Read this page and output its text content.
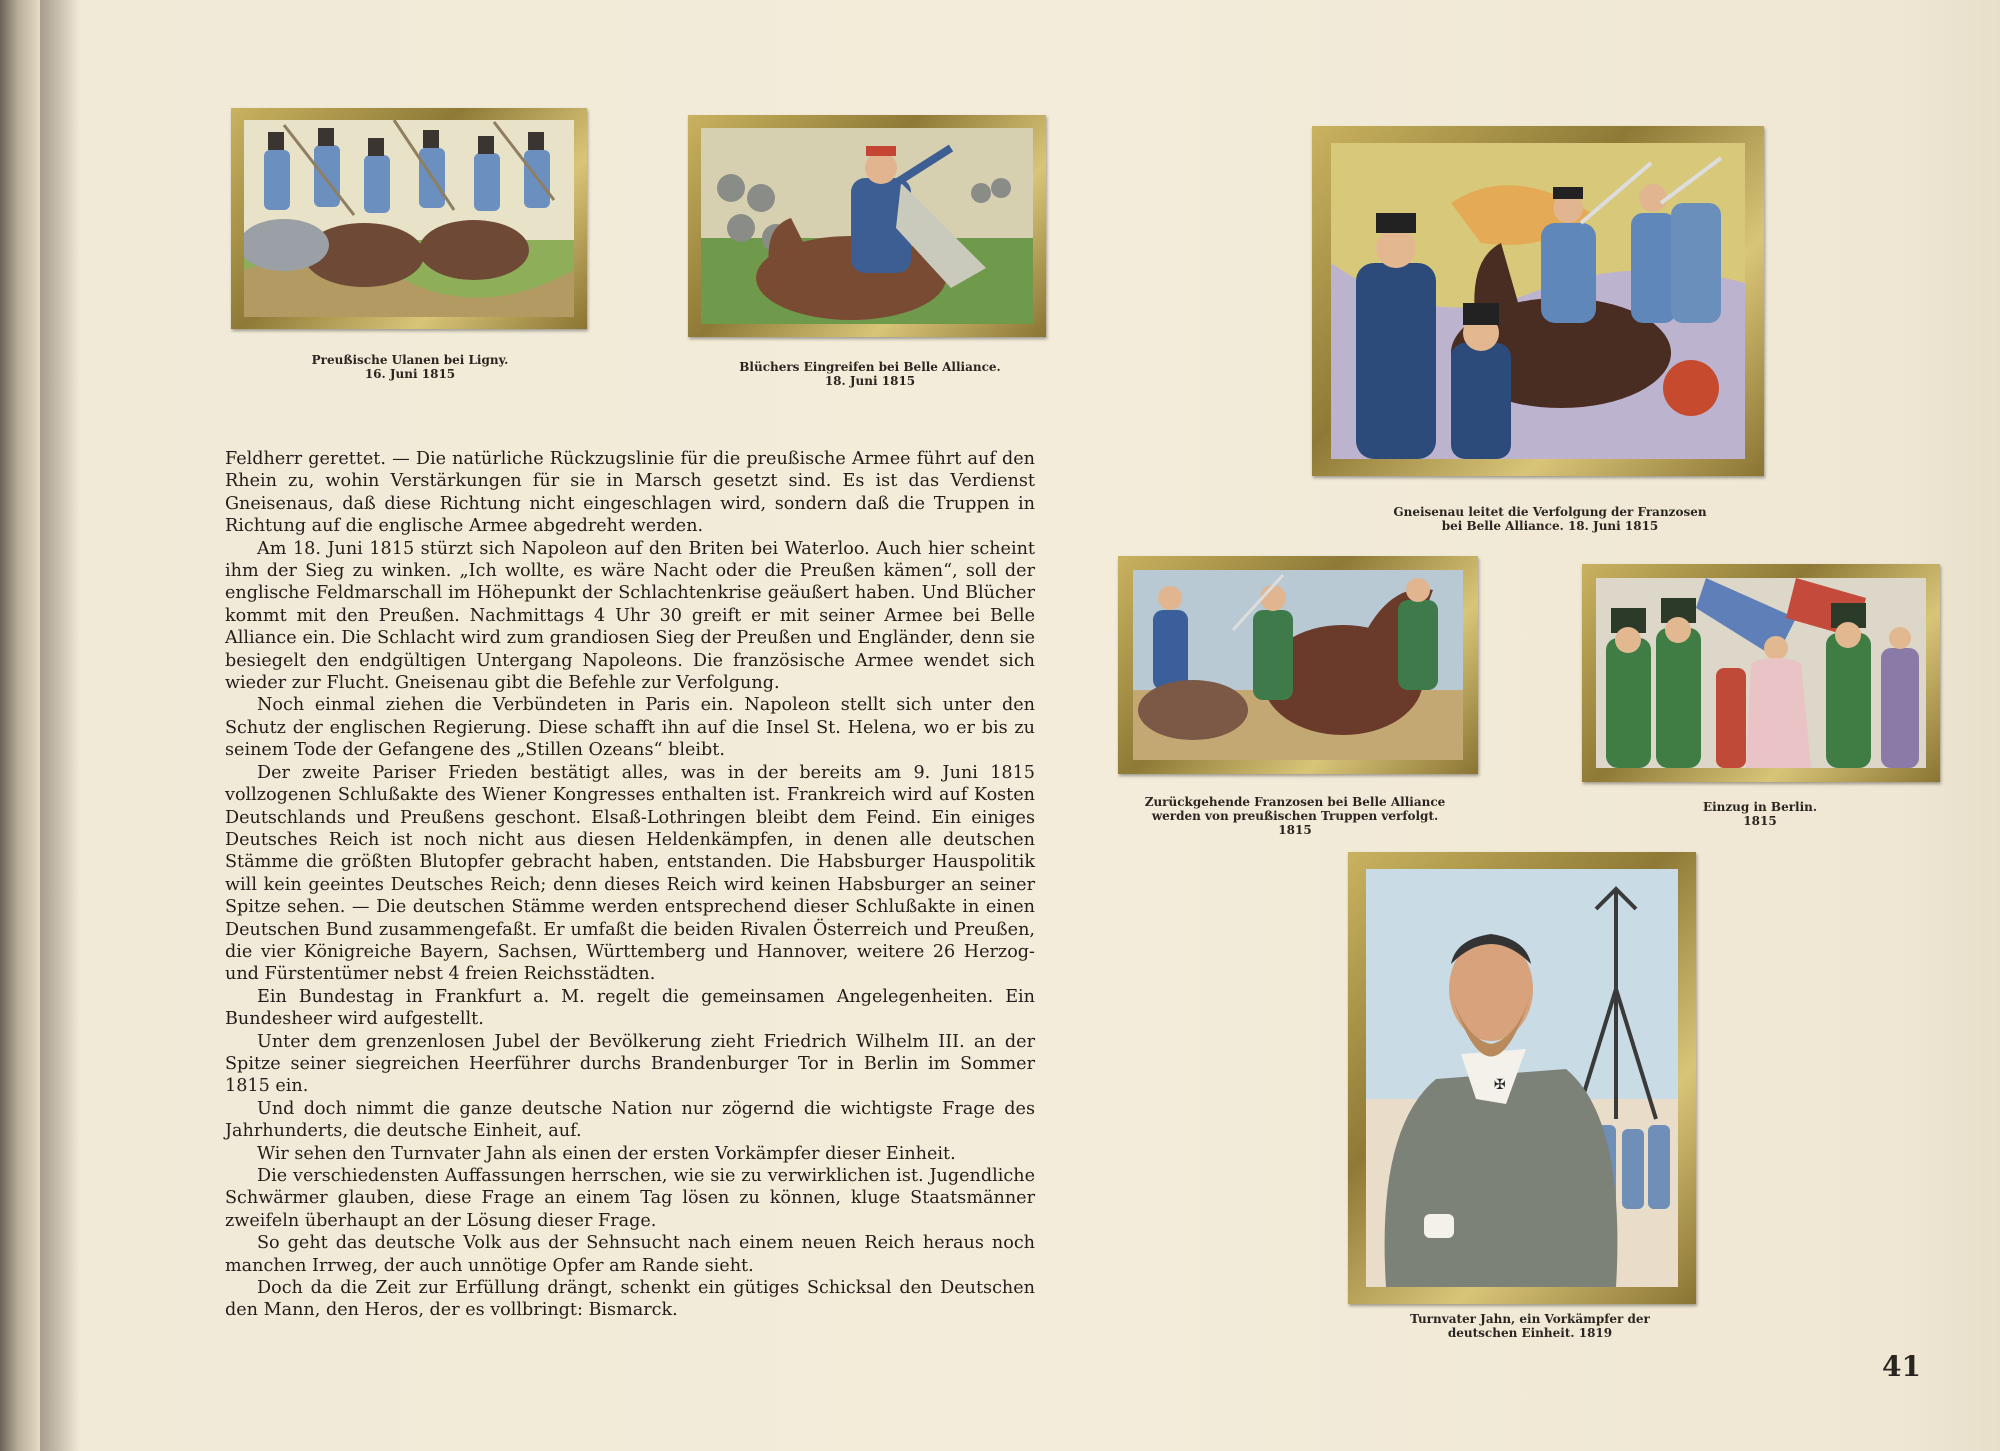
Preußische Ulanen bei Ligny.
16. Juni 1815	Blüchers Eingreifen bei Belle Alliance.
18. Juni 1815
Gneisenau leitet die Verfolgung der Franzosen
bei Belle Alliance. 18. Juni 1815
Zurückgehende Franzosen bei Belle Alliance
werden von preußischen Truppen verfolgt.
1815
Einzug in Berlin.
1815
✠
Turnvater Jahn, ein Vorkämpfer der
deutschen Einheit. 1819

Feldherr gerettet. — Die natürliche Rückzugslinie für die preußische Armee führt auf den Rhein zu, wohin Verstärkungen für sie in Marsch gesetzt sind. Es ist das Verdienst Gneisenaus, daß diese Richtung nicht eingeschlagen wird, sondern daß die Truppen in Richtung auf die englische Armee abgedreht werden.

Am 18. Juni 1815 stürzt sich Napoleon auf den Briten bei Waterloo. Auch hier scheint ihm der Sieg zu winken. „Ich wollte, es wäre Nacht oder die Preußen kämen“, soll der englische Feldmarschall im Höhepunkt der Schlachtenkrise geäußert haben. Und Blücher kommt mit den Preußen. Nachmittags 4 Uhr 30 greift er mit seiner Armee bei Belle Alliance ein. Die Schlacht wird zum grandiosen Sieg der Preußen und Engländer, denn sie besiegelt den endgültigen Untergang Napoleons. Die französische Armee wendet sich wieder zur Flucht. Gneisenau gibt die Befehle zur Verfolgung.

Noch einmal ziehen die Verbündeten in Paris ein. Napoleon stellt sich unter den Schutz der englischen Regierung. Diese schafft ihn auf die Insel St. Helena, wo er bis zu seinem Tode der Gefangene des „Stillen Ozeans“ bleibt.

Der zweite Pariser Frieden bestätigt alles, was in der bereits am 9. Juni 1815 vollzogenen Schlußakte des Wiener Kongresses enthalten ist. Frankreich wird auf Kosten Deutschlands und Preußens geschont. Elsaß-Lothringen bleibt dem Feind. Ein einiges Deutsches Reich ist noch nicht aus diesen Heldenkämpfen, in denen alle deutschen Stämme die größten Blutopfer gebracht haben, entstanden. Die Habsburger Hauspolitik will kein geeintes Deutsches Reich; denn dieses Reich wird keinen Habsburger an seiner Spitze sehen. — Die deutschen Stämme werden entsprechend dieser Schlußakte in einen Deutschen Bund zusammengefaßt. Er umfaßt die beiden Rivalen Österreich und Preußen, die vier Königreiche Bayern, Sachsen, Württemberg und Hannover, weitere 26 Herzog- und Fürstentümer nebst 4 freien Reichsstädten.

Ein Bundestag in Frankfurt a. M. regelt die gemeinsamen Angelegenheiten. Ein Bundesheer wird aufgestellt.

Unter dem grenzenlosen Jubel der Bevölkerung zieht Friedrich Wilhelm III. an der Spitze seiner siegreichen Heerführer durchs Brandenburger Tor in Berlin im Sommer 1815 ein.

Und doch nimmt die ganze deutsche Nation nur zögernd die wichtigste Frage des Jahrhunderts, die deutsche Einheit, auf.

Wir sehen den Turnvater Jahn als einen der ersten Vorkämpfer dieser Einheit.

Die verschiedensten Auffassungen herrschen, wie sie zu verwirklichen ist. Jugendliche Schwärmer glauben, diese Frage an einem Tag lösen zu können, kluge Staatsmänner zweifeln überhaupt an der Lösung dieser Frage.

So geht das deutsche Volk aus der Sehnsucht nach einem neuen Reich heraus noch manchen Irrweg, der auch unnötige Opfer am Rande sieht.

Doch da die Zeit zur Erfüllung drängt, schenkt ein gütiges Schicksal den Deutschen den Mann, den Heros, der es vollbringt: Bismarck.

41
